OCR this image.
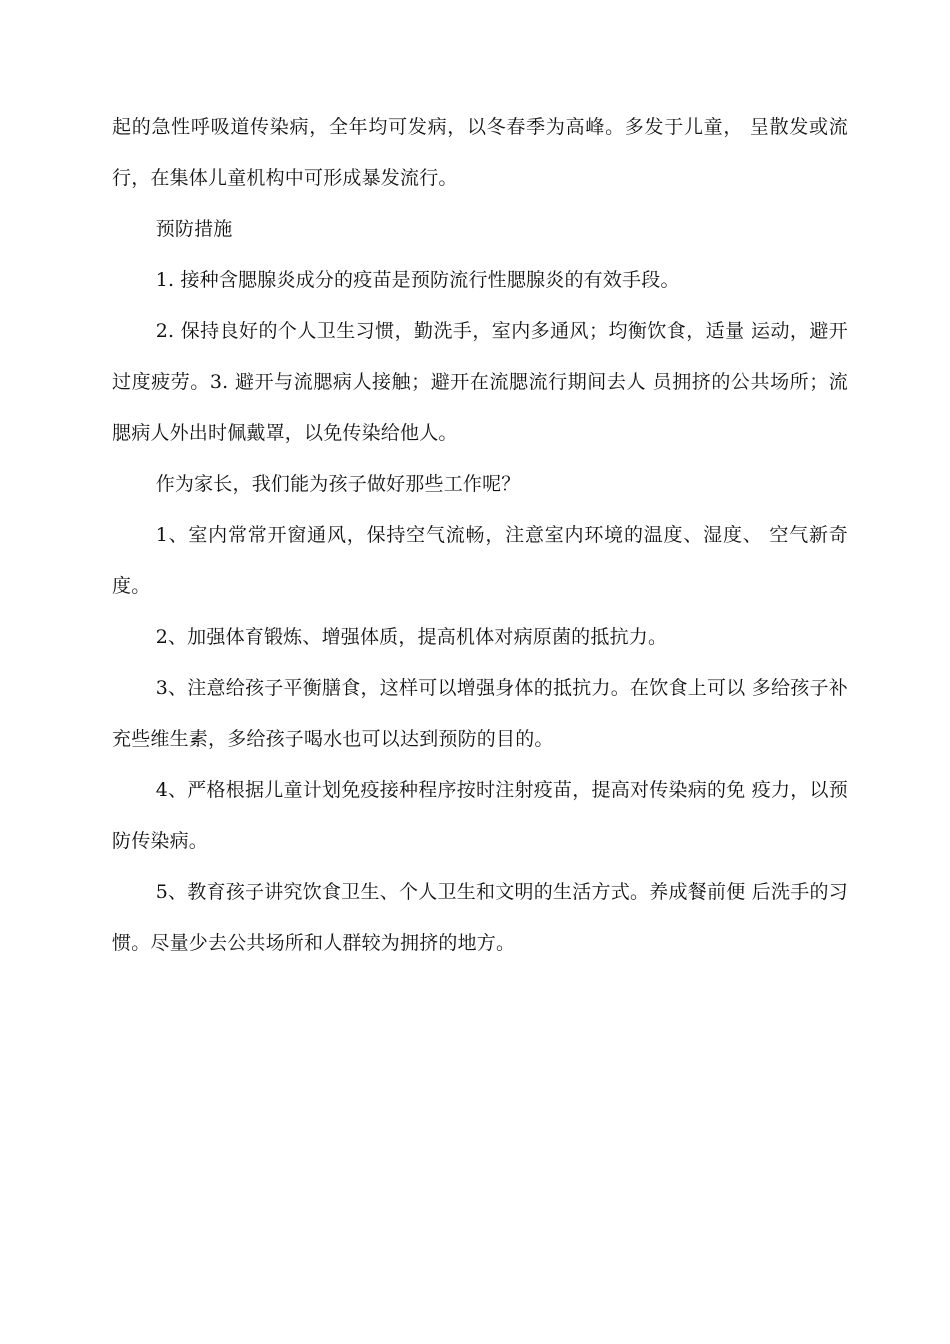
起的急性呼吸道传染病，全年均可发病，以冬春季为高峰。多发于儿童， 呈散发或流行，在集体儿童机构中可形成暴发流行。

预防措施

1. 接种含腮腺炎成分的疫苗是预防流行性腮腺炎的有效手段。

2. 保持良好的个人卫生习惯，勤洗手，室内多通风；均衡饮食，适量 运动，避开过度疲劳。3. 避开与流腮病人接触；避开在流腮流行期间去人 员拥挤的公共场所；流腮病人外出时佩戴罩，以免传染给他人。

作为家长，我们能为孩子做好那些工作呢？

1、室内常常开窗通风，保持空气流畅，注意室内环境的温度、湿度、 空气新奇度。

2、加强体育锻炼、增强体质，提高机体对病原菌的抵抗力。

3、注意给孩子平衡膳食，这样可以增强身体的抵抗力。在饮食上可以 多给孩子补充些维生素，多给孩子喝水也可以达到预防的目的。

4、严格根据儿童计划免疫接种程序按时注射疫苗，提高对传染病的免 疫力，以预防传染病。

5、教育孩子讲究饮食卫生、个人卫生和文明的生活方式。养成餐前便 后洗手的习惯。尽量少去公共场所和人群较为拥挤的地方。
